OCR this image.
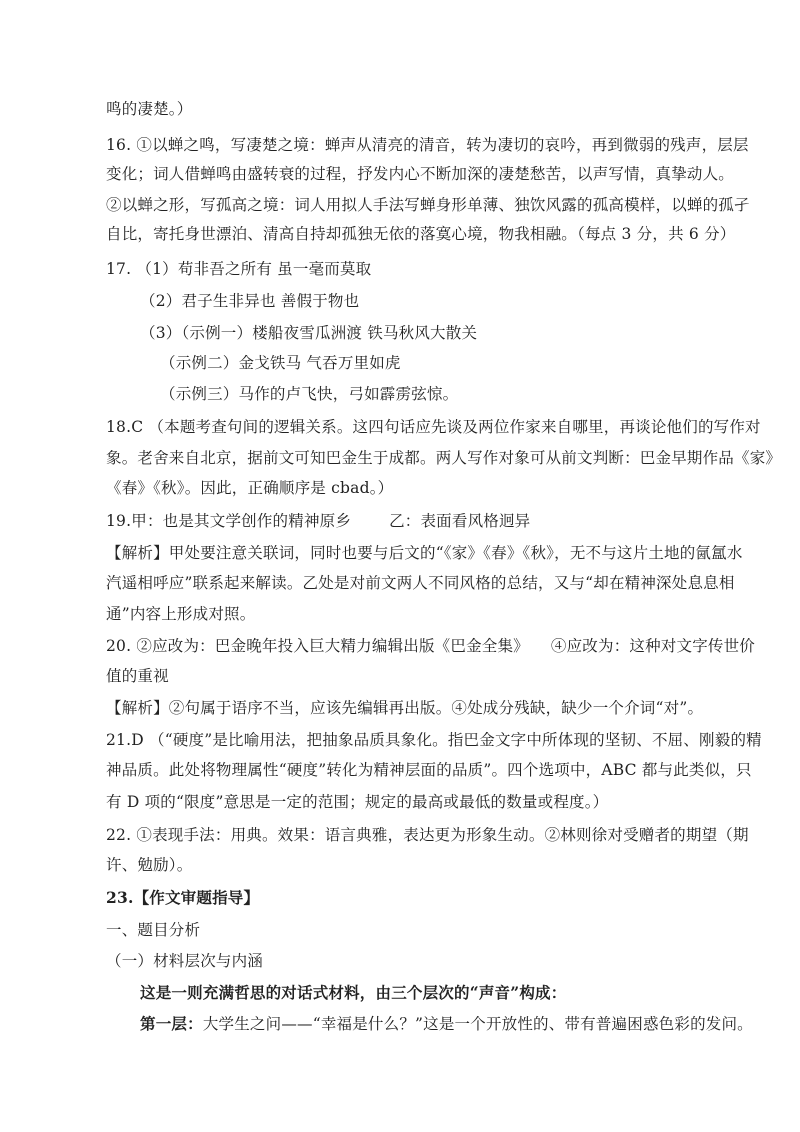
鸣的凄楚。）
16. ①以蝉之鸣，写凄楚之境：蝉声从清亮的清音，转为凄切的哀吟，再到微弱的残声，层层
变化；词人借蝉鸣由盛转衰的过程，抒发内心不断加深的凄楚愁苦，以声写情，真挚动人。
②以蝉之形，写孤高之境：词人用拟人手法写蝉身形单薄、独饮风露的孤高模样，以蝉的孤孑
自比，寄托身世漂泊、清高自持却孤独无依的落寞心境，物我相融。（每点 3 分，共 6 分）
17. （1）苟非吾之所有 虽一毫而莫取
（2）君子生非异也 善假于物也
（3）（示例一）楼船夜雪瓜洲渡 铁马秋风大散关
（示例二）金戈铁马 气吞万里如虎
（示例三）马作的卢飞快，弓如霹雳弦惊。
18.C （本题考查句间的逻辑关系。这四句话应先谈及两位作家来自哪里，再谈论他们的写作对
象。老舍来自北京，据前文可知巴金生于成都。两人写作对象可从前文判断：巴金早期作品《家》
《春》《秋》。因此，正确顺序是 cbad。）
19.甲：也是其文学创作的精神原乡 乙：表面看风格迥异
【解析】甲处要注意关联词，同时也要与后文的“《家》《春》《秋》，无不与这片土地的氤氲水
汽遥相呼应”联系起来解读。乙处是对前文两人不同风格的总结，又与“却在精神深处息息相
通”内容上形成对照。
20. ②应改为：巴金晚年投入巨大精力编辑出版《巴金全集》 ④应改为：这种对文字传世价
值的重视
【解析】②句属于语序不当，应该先编辑再出版。④处成分残缺，缺少一个介词“对”。
21.D （“硬度”是比喻用法，把抽象品质具象化。指巴金文字中所体现的坚韧、不屈、刚毅的精
神品质。此处将物理属性“硬度”转化为精神层面的品质”。四个选项中，ABC 都与此类似，只
有 D 项的“限度”意思是一定的范围；规定的最高或最低的数量或程度。）
22. ①表现手法：用典。效果：语言典雅，表达更为形象生动。②林则徐对受赠者的期望（期
许、勉励）。
23.【作文审题指导】
一、题目分析
（一）材料层次与内涵
这是一则充满哲思的对话式材料，由三个层次的“声音”构成：
第一层：大学生之问——“幸福是什么？”这是一个开放性的、带有普遍困惑色彩的发问。
